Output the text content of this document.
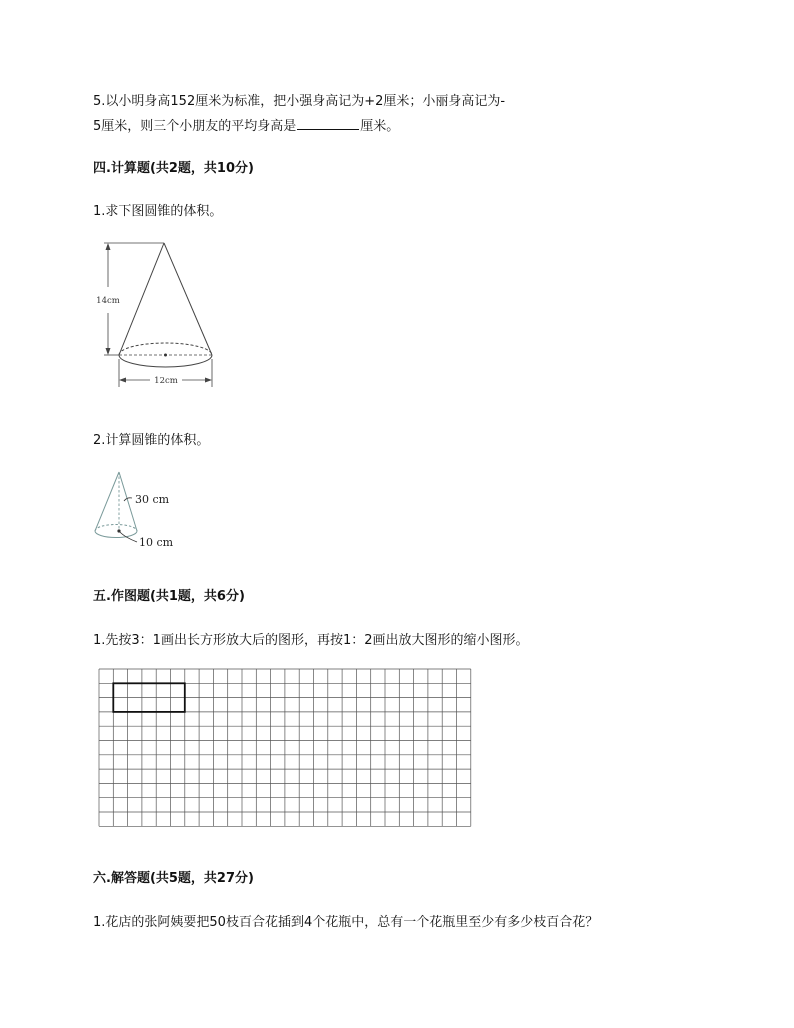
5.以小明身高152厘米为标准，把小强身高记为+2厘米；小丽身高记为-
5厘米，则三个小朋友的平均身高是	厘米。
四.计算题(共2题，共10分)
1.求下图圆锥的体积。
14cm
12cm
2.计算圆锥的体积。
30 cm
10 cm
五.作图题(共1题，共6分)
1.先按3：1画出长方形放大后的图形，再按1：2画出放大图形的缩小图形。
六.解答题(共5题，共27分)
1.花店的张阿姨要把50枝百合花插到4个花瓶中，总有一个花瓶里至少有多少枝百合花？
